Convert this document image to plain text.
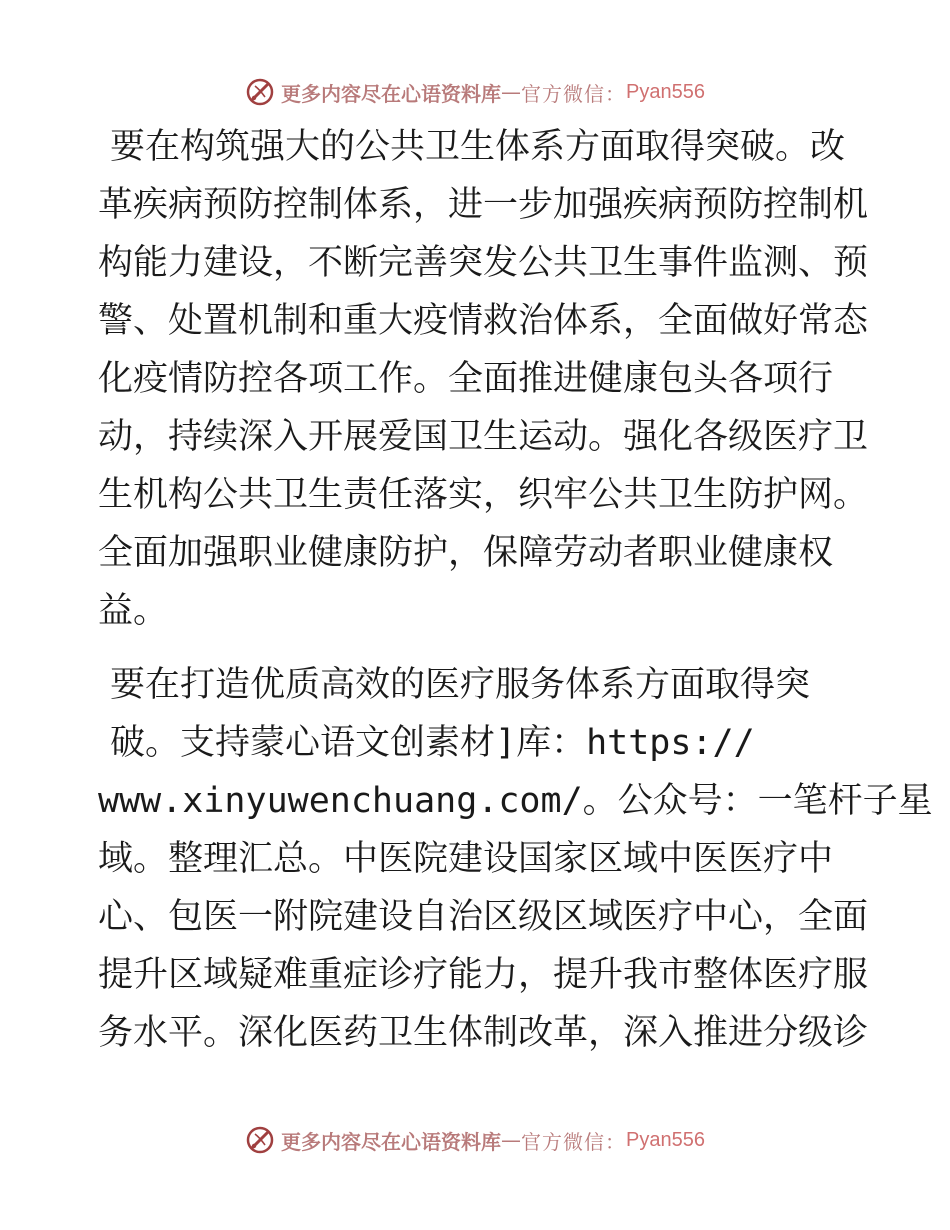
更多内容尽在心语资料库 — 官方微信： Pyan556
要在构筑强大的公共卫生体系方面取得突破。改
革疾病预防控制体系，进一步加强疾病预防控制机
构能力建设，不断完善突发公共卫生事件监测、预
警、处置机制和重大疫情救治体系，全面做好常态
化疫情防控各项工作。全面推进健康包头各项行
动，持续深入开展爱国卫生运动。强化各级医疗卫
生机构公共卫生责任落实，织牢公共卫生防护网。
全面加强职业健康防护，保障劳动者职业健康权
益。
要在打造优质高效的医疗服务体系方面取得突
破。支持蒙心语文创素材]库：https://
www.xinyuwenchuang.com/。公众号：一笔杆子星
域。整理汇总。中医院建设国家区域中医医疗中
心、包医一附院建设自治区级区域医疗中心，全面
提升区域疑难重症诊疗能力，提升我市整体医疗服
务水平。深化医药卫生体制改革，深入推进分级诊
更多内容尽在心语资料库 — 官方微信： Pyan556
